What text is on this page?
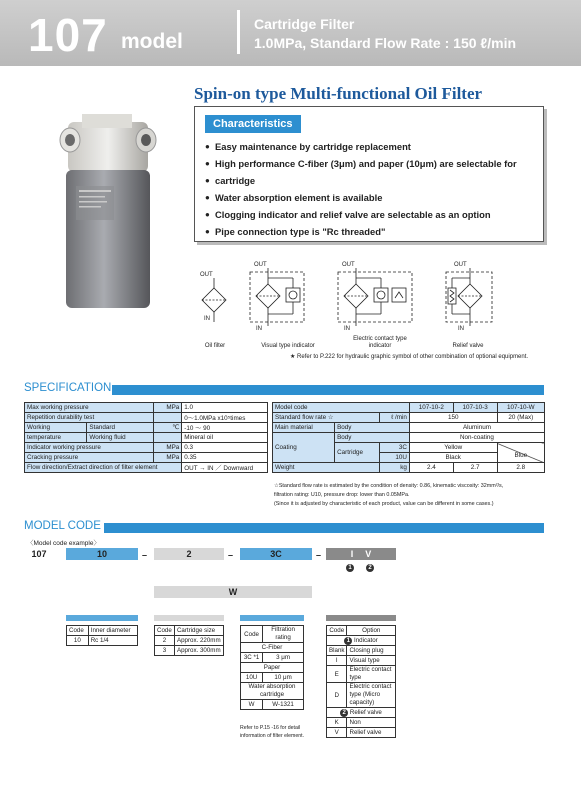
107 model
Cartridge Filter
1.0MPa, Standard Flow Rate : 150 ℓ/min
Spin-on type Multi-functional Oil Filter
Characteristics
● Easy maintenance by cartridge replacement
● High performance C-fiber (3μm) and paper (10μm) are selectable for
● cartridge
● Water absorption element is available
● Clogging indicator and relief valve are selectable as an option
● Pipe connection type is "Rc threaded"
OUT
IN
OUT
IN
OUT
IN
OUT
IN
Oil filter	Visual type indicator
Electric contact type
indicator	Relief valve
★ Refer to P.222 for hydraulic graphic symbol of other combination of optional equipment.
SPECIFICATION
Max working pressure		MPa	1.0
Repetition durability test			0〜1.0MPa x10⁵times
Working	Standard	℃	-10 〜 90
temperature	Working fluid		Mineral oil
Indicator working pressure		MPa	0.3
Cracking pressure		MPa	0.35
Flow direction/Extract direction of filter element			OUT → IN ／ Downward
Model code			107-10-2	107-10-3	107-10-W
Standard flow rate ☆		ℓ /min	150		20 (Max)
Main material	Body		Aluminum		
Coating	Body		Non-coating		
	Cartridge	3C	Yellow		Blue
		10U	Black		
Weight		kg	2.4	2.7	2.8
☆Standard flow rate is estimated by the condition of density: 0.86, kinematic viscosity: 32mm²/s,
filtration rating: U10, pressure drop: lower than 0.05MPa.
(Since it is adjusted by characteristic of each product, value can be different in some cases.)
MODEL CODE
〈Model code example〉
107	10	–	2	–	3C	–	I V
1	2
W
Code	Inner diameter
10	Rc 1/4
Code	Cartridge size
2	Approx. 220mm
3	Approx. 300mm
Code	Filtration rating
C-Fiber	
3C *1	3 μm
Paper	
10U	10 μm
Water absorption cartridge	
W	W-1321
Refer to P.15 -16 for detail information of filter element.
Code	Option
1 Indicator	
Blank	Closing plug
I	Visual type
E	Electric contact type
D	Electric contact type (Micro capacity)
2 Relief valve	
K	Non
V	Relief valve
